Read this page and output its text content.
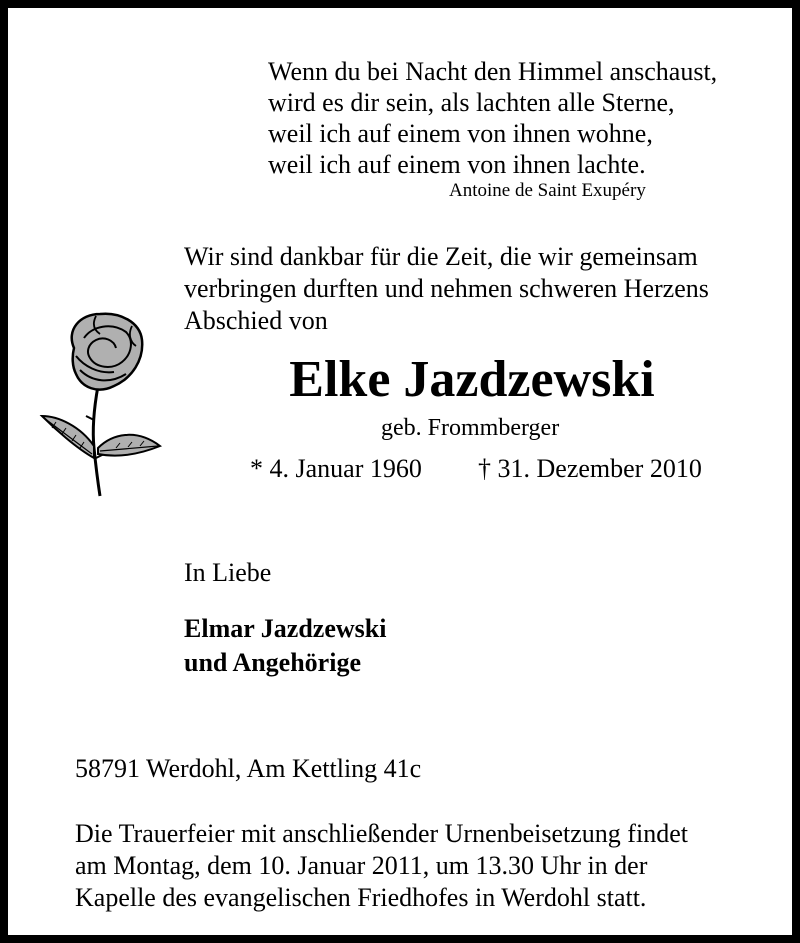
Wenn du bei Nacht den Himmel anschaust,
wird es dir sein, als lachten alle Sterne,
weil ich auf einem von ihnen wohne,
weil ich auf einem von ihnen lachte.
Antoine de Saint Exupéry
Wir sind dankbar für die Zeit, die wir gemeinsam
verbringen durften und nehmen schweren Herzens
Abschied von
Elke Jazdzewski
geb. Frommberger
* 4. Januar 1960 † 31. Dezember 2010
In Liebe
Elmar Jazdzewski
und Angehörige
58791 Werdohl, Am Kettling 41c
Die Trauerfeier mit anschließender Urnenbeisetzung findet
am Montag, dem 10. Januar 2011, um 13.30 Uhr in der
Kapelle des evangelischen Friedhofes in Werdohl statt.
